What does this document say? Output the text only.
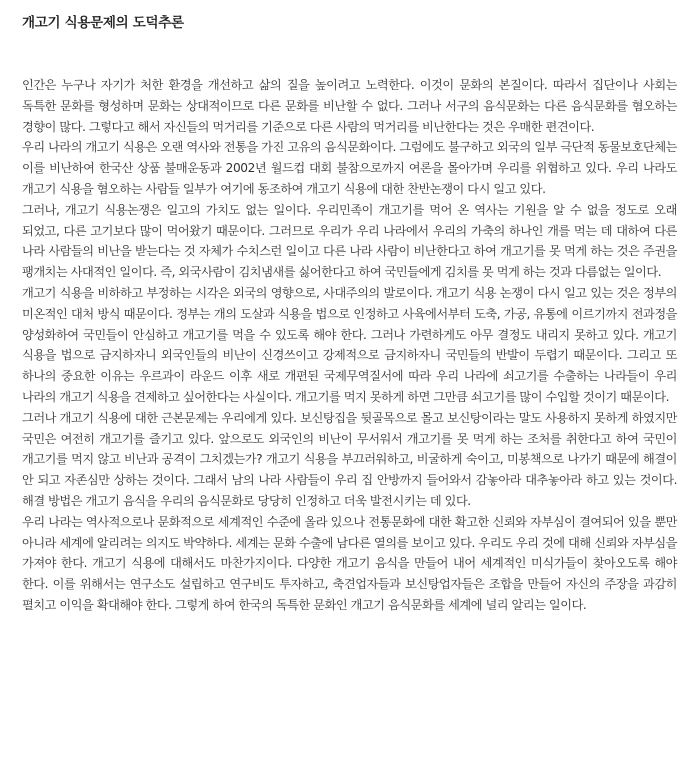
개고기 식용문제의 도덕추론

인간은 누구나 자기가 처한 환경을 개선하고 삶의 질을 높이려고 노력한다. 이것이 문화의 본질이다. 따라서 집단이나 사회는 독특한 문화를 형성하며 문화는 상대적이므로 다른 문화를 비난할 수 없다. 그러나 서구의 음식문화는 다른 음식문화를 혐오하는 경향이 많다. 그렇다고 해서 자신들의 먹거리를 기준으로 다른 사람의 먹거리를 비난한다는 것은 우매한 편견이다.

우리 나라의 개고기 식용은 오랜 역사와 전통을 가진 고유의 음식문화이다. 그럼에도 불구하고 외국의 일부 극단적 동물보호단체는 이를 비난하여 한국산 상품 불매운동과 2002년 월드컵 대회 불참으로까지 여론을 몰아가며 우리를 위협하고 있다. 우리 나라도 개고기 식용을 혐오하는 사람들 일부가 여기에 동조하여 개고기 식용에 대한 찬반논쟁이 다시 일고 있다.

그러나, 개고기 식용논쟁은 일고의 가치도 없는 일이다. 우리민족이 개고기를 먹어 온 역사는 기원을 알 수 없을 정도로 오래 되었고, 다른 고기보다 많이 먹어왔기 때문이다. 그러므로 우리가 우리 나라에서 우리의 가축의 하나인 개를 먹는 데 대하여 다른 나라 사람들의 비난을 받는다는 것 자체가 수치스런 일이고 다른 나라 사람이 비난한다고 하여 개고기를 못 먹게 하는 것은 주권을 팽개치는 사대적인 일이다. 즉, 외국사람이 김치냄새를 싫어한다고 하여 국민들에게 김치를 못 먹게 하는 것과 다름없는 일이다.

개고기 식용을 비하하고 부정하는 시각은 외국의 영향으로, 사대주의의 발로이다. 개고기 식용 논쟁이 다시 일고 있는 것은 정부의 미온적인 대처 방식 때문이다. 정부는 개의 도살과 식용을 법으로 인정하고 사육에서부터 도축, 가공, 유통에 이르기까지 전과정을 양성화하여 국민들이 안심하고 개고기를 먹을 수 있도록 해야 한다. 그러나 가련하게도 아무 결정도 내리지 못하고 있다. 개고기 식용을 법으로 금지하자니 외국인들의 비난이 신경쓰이고 강제적으로 금지하자니 국민들의 반발이 두렵기 때문이다. 그리고 또 하나의 중요한 이유는 우르과이 라운드 이후 새로 개편된 국제무역질서에 따라 우리 나라에 쇠고기를 수출하는 나라들이 우리 나라의 개고기 식용을 견제하고 싶어한다는 사실이다. 개고기를 먹지 못하게 하면 그만큼 쇠고기를 많이 수입할 것이기 때문이다.

그러나 개고기 식용에 대한 근본문제는 우리에게 있다. 보신탕집을 뒷골목으로 몰고 보신탕이라는 말도 사용하지 못하게 하였지만 국민은 여전히 개고기를 즐기고 있다. 앞으로도 외국인의 비난이 무서워서 개고기를 못 먹게 하는 조처를 취한다고 하여 국민이 개고기를 먹지 않고 비난과 공격이 그치겠는가? 개고기 식용을 부끄러워하고, 비굴하게 숙이고, 미봉책으로 나가기 때문에 해결이 안 되고 자존심만 상하는 것이다. 그래서 남의 나라 사람들이 우리 집 안방까지 들어와서 감놓아라 대추놓아라 하고 있는 것이다. 해결 방법은 개고기 음식을 우리의 음식문화로 당당히 인정하고 더욱 발전시키는 데 있다.

우리 나라는 역사적으로나 문화적으로 세계적인 수준에 올라 있으나 전통문화에 대한 확고한 신뢰와 자부심이 결여되어 있을 뿐만 아니라 세계에 알리려는 의지도 박약하다. 세계는 문화 수출에 남다른 열의를 보이고 있다. 우리도 우리 것에 대해 신뢰와 자부심을 가져야 한다. 개고기 식용에 대해서도 마찬가지이다. 다양한 개고기 음식을 만들어 내어 세계적인 미식가들이 찾아오도록 해야 한다. 이를 위해서는 연구소도 설립하고 연구비도 투자하고, 축견업자들과 보신탕업자들은 조합을 만들어 자신의 주장을 과감히 펼치고 이익을 확대해야 한다. 그렇게 하여 한국의 독특한 문화인 개고기 음식문화를 세계에 널리 알리는 일이다.
